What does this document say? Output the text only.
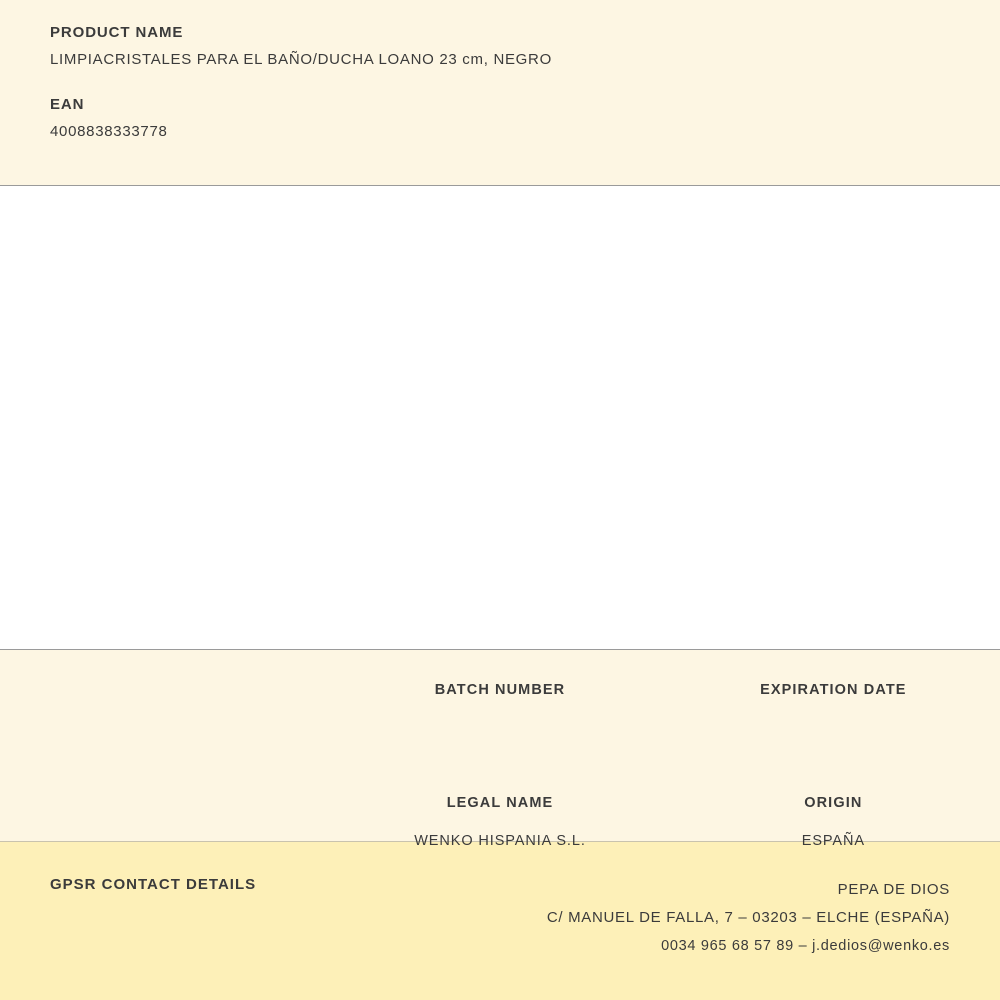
PRODUCT NAME

LIMPIACRISTALES PARA EL BAÑO/DUCHA LOANO 23 cm, NEGRO

EAN

4008838333778

BATCH NUMBER	EXPIRATION DATE

LEGAL NAME

WENKO HISPANIA S.L.

ORIGIN

ESPAÑA

GPSR CONTACT DETAILS	PEPA DE DIOS
C/ MANUEL DE FALLA, 7 – 03203 – ELCHE (ESPAÑA)
0034 965 68 57 89 – j.dedios@wenko.es
